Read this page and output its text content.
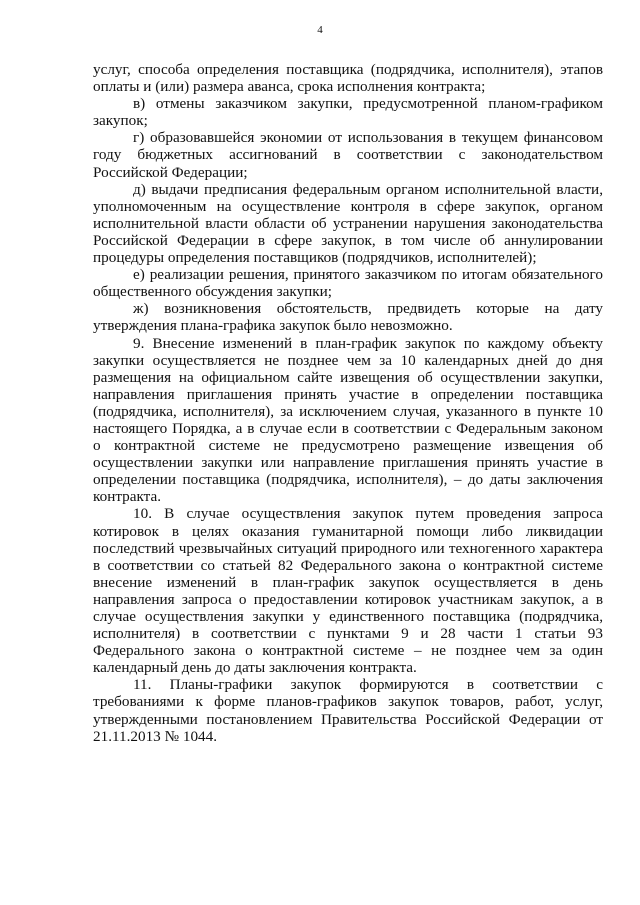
4

услуг, способа определения поставщика (подрядчика, исполнителя), этапов оплаты и (или) размера аванса, срока исполнения контракта;

в) отмены заказчиком закупки, предусмотренной планом-графиком закупок;

г) образовавшейся экономии от использования в текущем финансовом году бюджетных ассигнований в соответствии с законодательством Российской Федерации;

д) выдачи предписания федеральным органом исполнительной власти, уполномоченным на осуществление контроля в сфере закупок, органом исполнительной власти области об устранении нарушения законодательства Российской Федерации в сфере закупок, в том числе об аннулировании процедуры определения поставщиков (подрядчиков, исполнителей);

е) реализации решения, принятого заказчиком по итогам обязательного общественного обсуждения закупки;

ж) возникновения обстоятельств, предвидеть которые на дату утверждения плана-графика закупок было невозможно.

9. Внесение изменений в план-график закупок по каждому объекту закупки осуществляется не позднее чем за 10 календарных дней до дня размещения на официальном сайте извещения об осуществлении закупки, направления приглашения принять участие в определении поставщика (подрядчика, исполнителя), за исключением случая, указанного в пункте 10 настоящего Порядка, а в случае если в соответствии с Федеральным законом о контрактной системе не предусмотрено размещение извещения об осуществлении закупки или направление приглашения принять участие в определении поставщика (подрядчика, исполнителя), – до даты заключения контракта.

10. В случае осуществления закупок путем проведения запроса котировок в целях оказания гуманитарной помощи либо ликвидации последствий чрезвычайных ситуаций природного или техногенного характера в соответствии со статьей 82 Федерального закона о контрактной системе внесение изменений в план-график закупок осуществляется в день направления запроса о предоставлении котировок участникам закупок, а в случае осуществления закупки у единственного поставщика (подрядчика, исполнителя) в соответствии с пунктами 9 и 28 части 1 статьи 93 Федерального закона о контрактной системе – не позднее чем за один календарный день до даты заключения контракта.

11. Планы-графики закупок формируются в соответствии с требованиями к форме планов-графиков закупок товаров, работ, услуг, утвержденными постановлением Правительства Российской Федерации от 21.11.2013 № 1044.
